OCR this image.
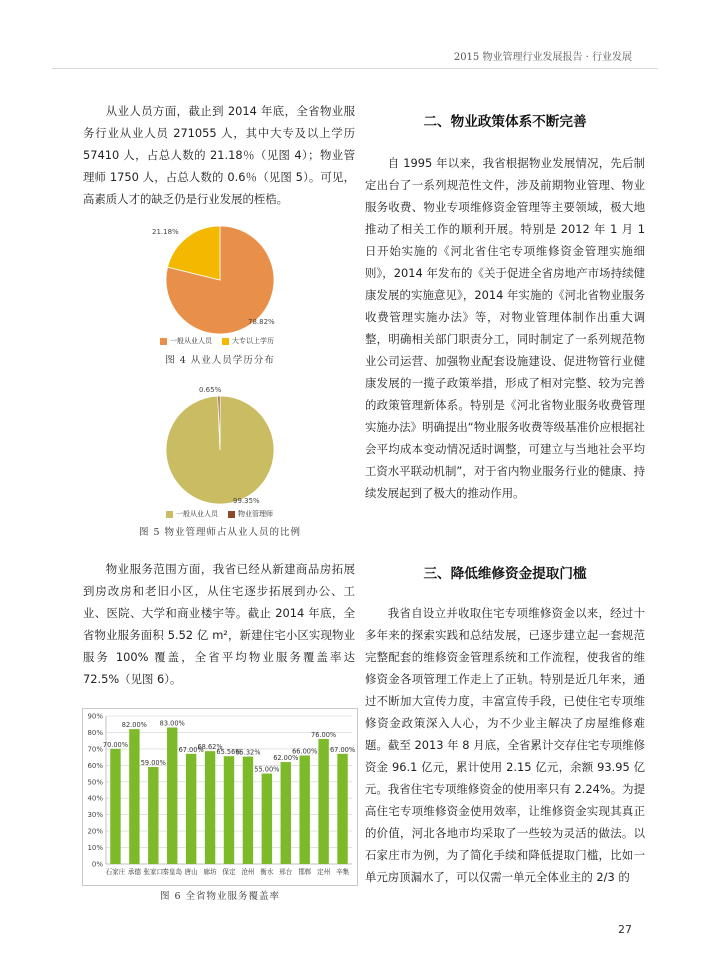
2015 物业管理行业发展报告 · 行业发展

从业人员方面，截止到 2014 年底，全省物业服务行业从业人员 271055 人，其中大专及以上学历 57410 人，占总人数的 21.18％（见图 4）；物业管理师 1750 人，占总人数的 0.6％（见图 5）。可见，高素质人才的缺乏仍是行业发展的桎梏。

21.18%
78.82%
一般从业人员	大专以上学历
图 4 从业人员学历分布
0.65%
99.35%
一般从业人员	物业管理师
图 5 物业管理师占从业人员的比例

物业服务范围方面，我省已经从新建商品房拓展到房改房和老旧小区，从住宅逐步拓展到办公、工业、医院、大学和商业楼宇等。截止 2014 年底，全省物业服务面积 5.52 亿 m²，新建住宅小区实现物业服务 100% 覆盖，全省平均物业服务覆盖率达 72.5%（见图 6）。

0%
10%
20%
30%
40%
50%
60%
70%
80%
90%
70.00%
石家庄
82.00%
承德
59.00%
张家口
83.00%
秦皇岛
67.00%
唐山
68.62%
廊坊
65.56%
保定
65.32%
沧州
55.00%
衡水
62.00%
邢台
66.00%
邯郸
76.00%
定州
67.00%
辛集
图 6 全省物业服务覆盖率
二、物业政策体系不断完善

自 1995 年以来，我省根据物业发展情况，先后制定出台了一系列规范性文件，涉及前期物业管理、物业服务收费、物业专项维修资金管理等主要领域，极大地推动了相关工作的顺利开展。特别是 2012 年 1 月 1 日开始实施的《河北省住宅专项维修资金管理实施细则》，2014 年发布的《关于促进全省房地产市场持续健康发展的实施意见》，2014 年实施的《河北省物业服务收费管理实施办法》等，对物业管理体制作出重大调整，明确相关部门职责分工，同时制定了一系列规范物业公司运营、加强物业配套设施建设、促进物管行业健康发展的一揽子政策举措，形成了相对完整、较为完善的政策管理新体系。特别是《河北省物业服务收费管理实施办法》明确提出“物业服务收费等级基准价应根据社会平均成本变动情况适时调整，可建立与当地社会平均工资水平联动机制”，对于省内物业服务行业的健康、持续发展起到了极大的推动作用。

三、降低维修资金提取门槛

我省自设立并收取住宅专项维修资金以来，经过十多年来的探索实践和总结发展，已逐步建立起一套规范完整配套的维修资金管理系统和工作流程，使我省的维修资金各项管理工作走上了正轨。特别是近几年来，通过不断加大宣传力度，丰富宣传手段，已使住宅专项维修资金政策深入人心，为不少业主解决了房屋维修难题。截至 2013 年 8 月底，全省累计交存住宅专项维修资金 96.1 亿元，累计使用 2.15 亿元，余额 93.95 亿元。我省住宅专项维修资金的使用率只有 2.24%。为提高住宅专项维修资金使用效率，让维修资金实现其真正的价值，河北各地市均采取了一些较为灵活的做法。以石家庄市为例，为了简化手续和降低提取门槛，比如一单元房顶漏水了，可以仅需一单元全体业主的 2/3 的

27
